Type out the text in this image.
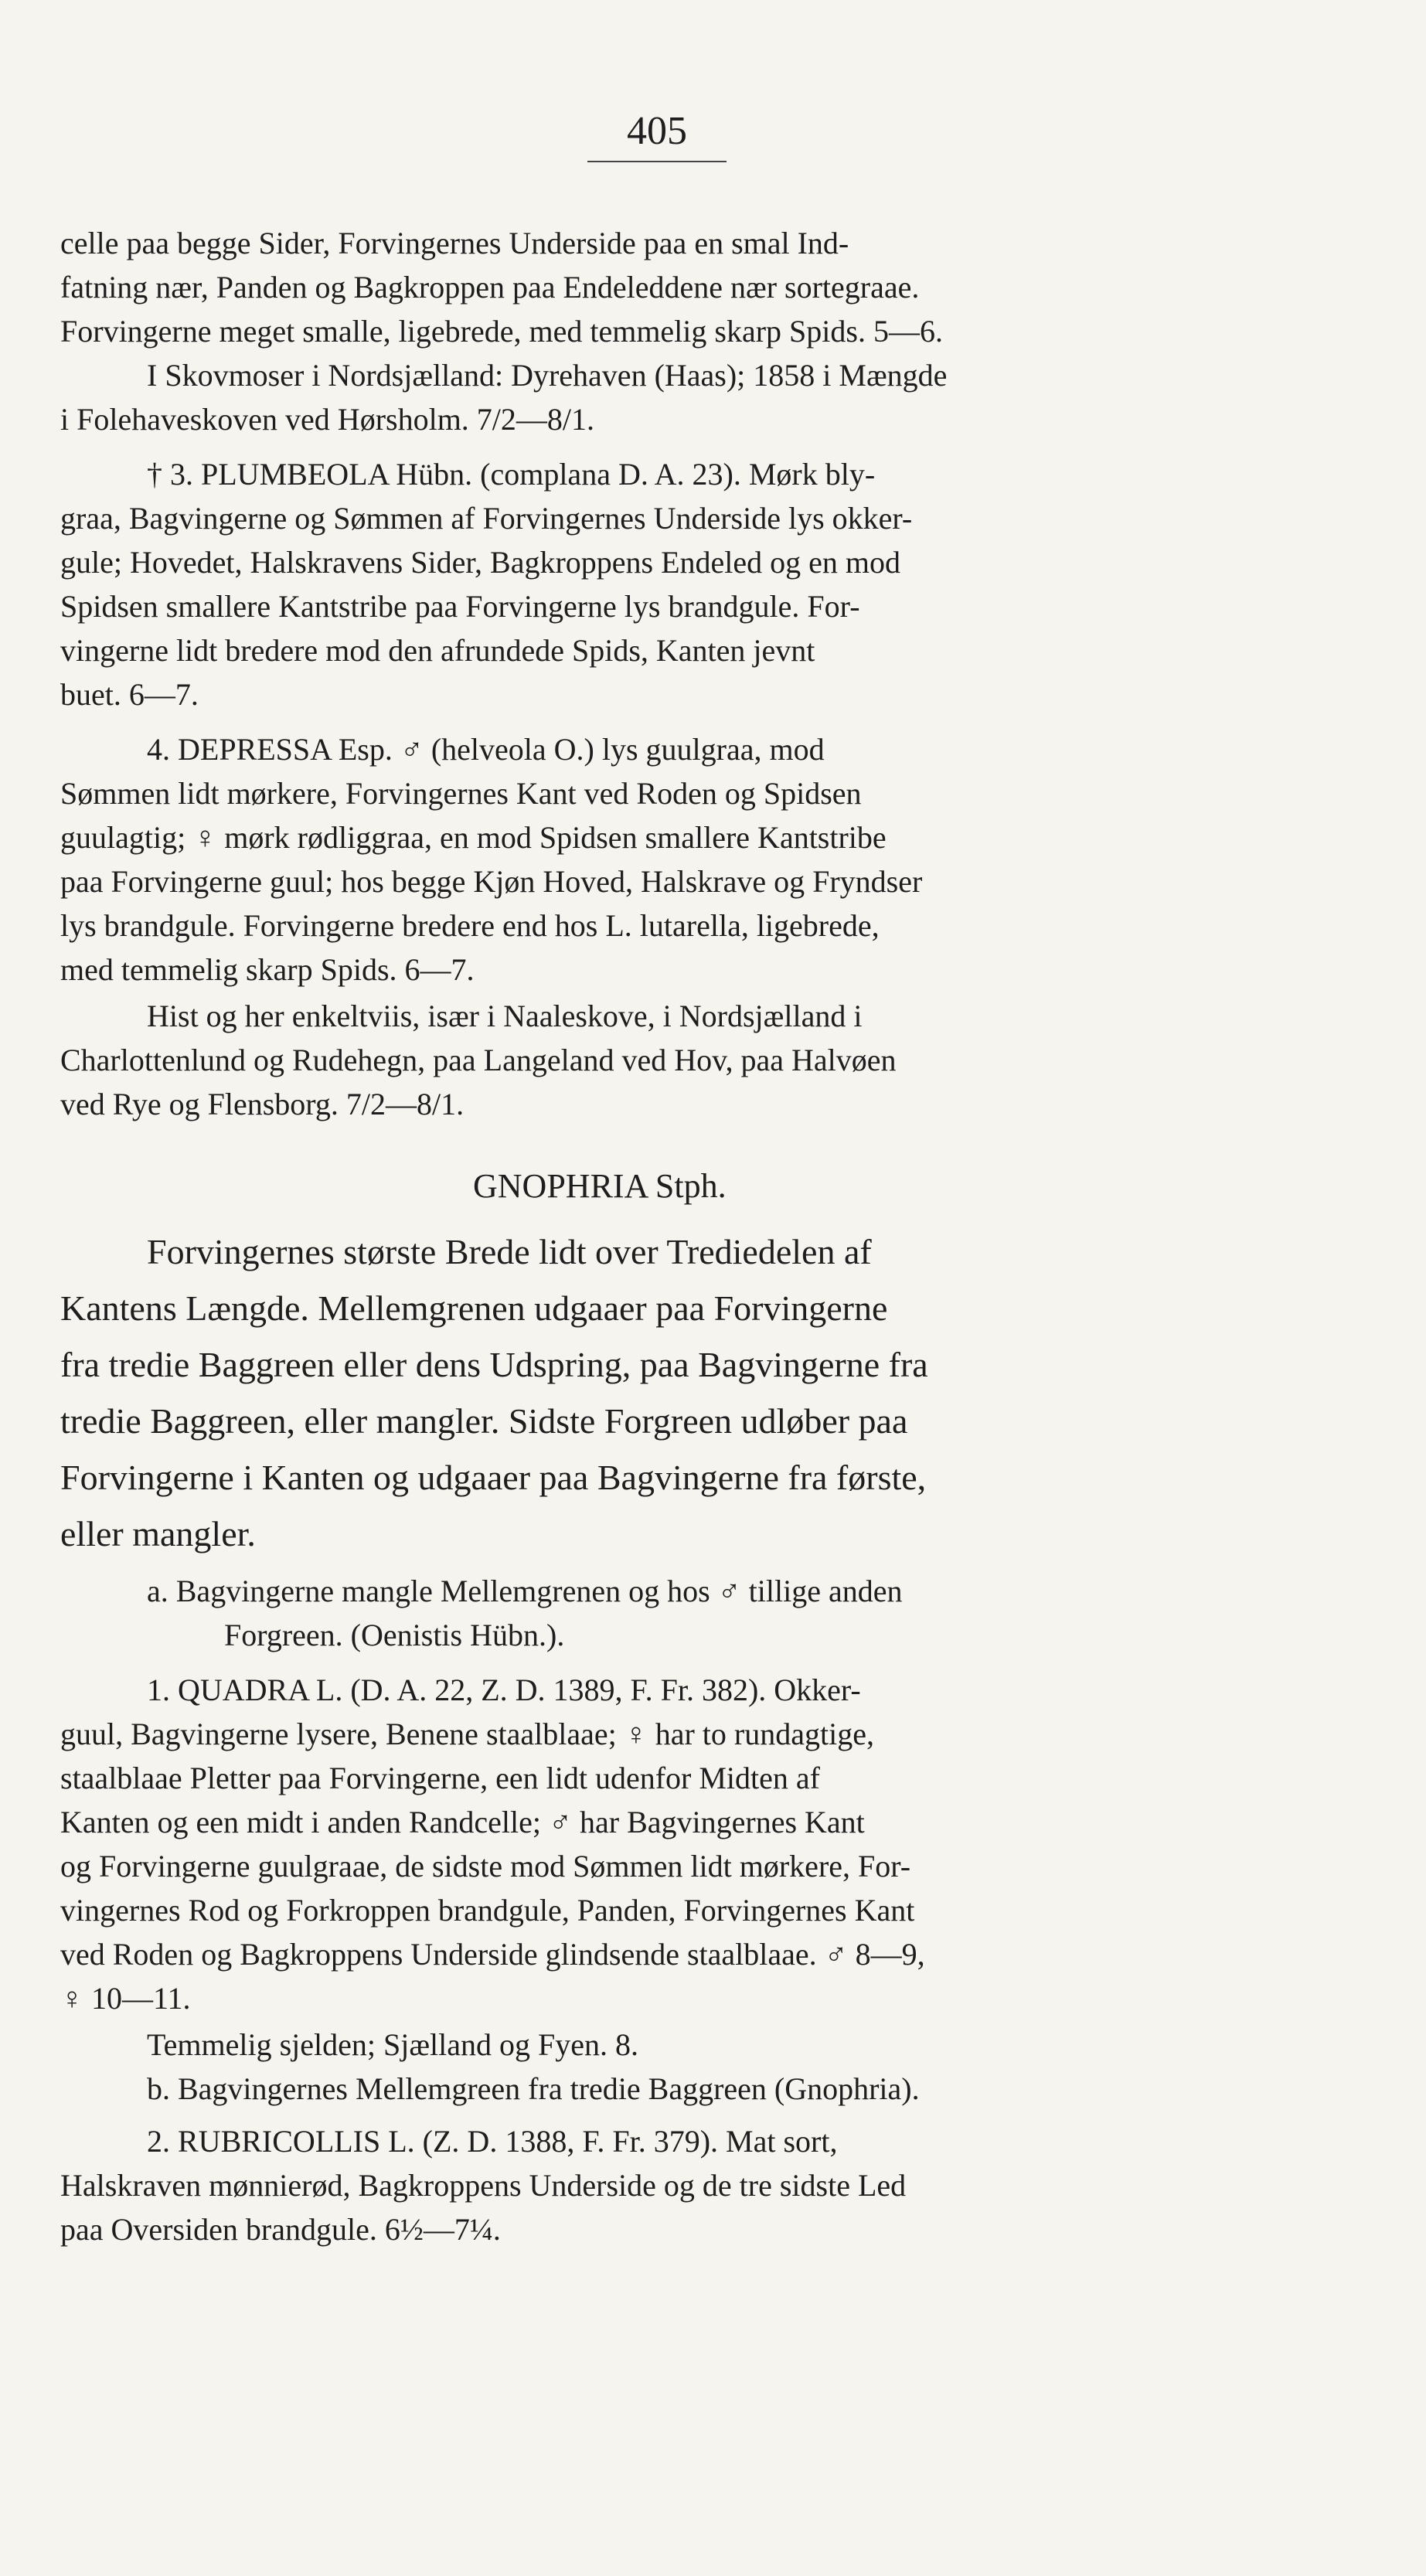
405
celle paa begge Sider, Forvingernes Underside paa en smal Ind-
fatning nær, Panden og Bagkroppen paa Endeleddene nær sortegraae.
Forvingerne meget smalle, ligebrede, med temmelig skarp Spids. 5—6.
I Skovmoser i Nordsjælland: Dyrehaven (Haas); 1858 i Mængde
i Folehaveskoven ved Hørsholm. 7/2—8/1.
† 3. PLUMBEOLA Hübn. (complana D. A. 23). Mørk bly-
graa, Bagvingerne og Sømmen af Forvingernes Underside lys okker-
gule; Hovedet, Halskravens Sider, Bagkroppens Endeled og en mod
Spidsen smallere Kantstribe paa Forvingerne lys brandgule. For-
vingerne lidt bredere mod den afrundede Spids, Kanten jevnt
buet. 6—7.
4. DEPRESSA Esp. ♂ (helveola O.) lys guulgraa, mod
Sømmen lidt mørkere, Forvingernes Kant ved Roden og Spidsen
guulagtig; ♀ mørk rødliggraa, en mod Spidsen smallere Kantstribe
paa Forvingerne guul; hos begge Kjøn Hoved, Halskrave og Fryndser
lys brandgule. Forvingerne bredere end hos L. lutarella, ligebrede,
med temmelig skarp Spids. 6—7.
Hist og her enkeltviis, især i Naaleskove, i Nordsjælland i
Charlottenlund og Rudehegn, paa Langeland ved Hov, paa Halvøen
ved Rye og Flensborg. 7/2—8/1.
GNOPHRIA Stph.
Forvingernes største Brede lidt over Trediedelen af
Kantens Længde. Mellemgrenen udgaaer paa Forvingerne
fra tredie Baggreen eller dens Udspring, paa Bagvingerne fra
tredie Baggreen, eller mangler. Sidste Forgreen udløber paa
Forvingerne i Kanten og udgaaer paa Bagvingerne fra første,
eller mangler.
a. Bagvingerne mangle Mellemgrenen og hos ♂ tillige anden
Forgreen. (Oenistis Hübn.).
1. QUADRA L. (D. A. 22, Z. D. 1389, F. Fr. 382). Okker-
guul, Bagvingerne lysere, Benene staalblaae; ♀ har to rundagtige,
staalblaae Pletter paa Forvingerne, een lidt udenfor Midten af
Kanten og een midt i anden Randcelle; ♂ har Bagvingernes Kant
og Forvingerne guulgraae, de sidste mod Sømmen lidt mørkere, For-
vingernes Rod og Forkroppen brandgule, Panden, Forvingernes Kant
ved Roden og Bagkroppens Underside glindsende staalblaae. ♂ 8—9,
♀ 10—11.
Temmelig sjelden; Sjælland og Fyen. 8.
b. Bagvingernes Mellemgreen fra tredie Baggreen (Gnophria).
2. RUBRICOLLIS L. (Z. D. 1388, F. Fr. 379). Mat sort,
Halskraven mønnierød, Bagkroppens Underside og de tre sidste Led
paa Oversiden brandgule. 6½—7¼.
